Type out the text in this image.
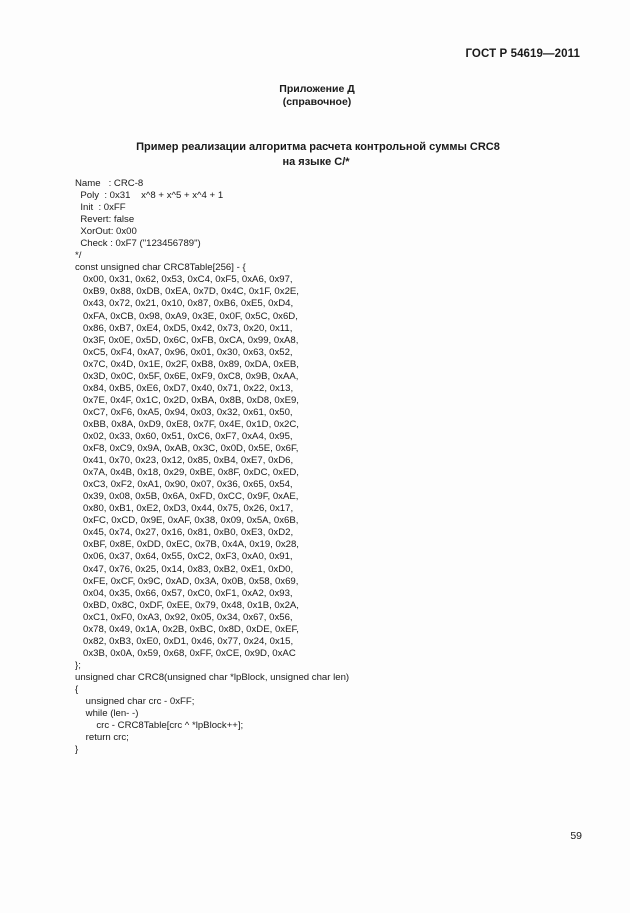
ГОСТ Р 54619—2011
Приложение Д
(справочное)
Пример реализации алгоритма расчета контрольной суммы CRC8
на языке С/*
Name   : CRC-8
Poly  : 0x31    x^8 + x^5 + x^4 + 1
Init  : 0xFF
Revert: false
XorOut: 0x00
Check : 0xF7 ("123456789")
*/
const unsigned char CRC8Table[256] - {
0x00, 0x31, 0x62, 0x53, 0xC4, 0xF5, 0xA6, 0x97,
0xB9, 0x88, 0xDB, 0xEA, 0x7D, 0x4C, 0x1F, 0x2E,
0x43, 0x72, 0x21, 0x10, 0x87, 0xB6, 0xE5, 0xD4,
0xFA, 0xCB, 0x98, 0xA9, 0x3E, 0x0F, 0x5C, 0x6D,
0x86, 0xB7, 0xE4, 0xD5, 0x42, 0x73, 0x20, 0x11,
0x3F, 0x0E, 0x5D, 0x6C, 0xFB, 0xCA, 0x99, 0xA8,
0xC5, 0xF4, 0xA7, 0x96, 0x01, 0x30, 0x63, 0x52,
0x7C, 0x4D, 0x1E, 0x2F, 0xB8, 0x89, 0xDA, 0xEB,
0x3D, 0x0C, 0x5F, 0x6E, 0xF9, 0xC8, 0x9B, 0xAA,
0x84, 0xB5, 0xE6, 0xD7, 0x40, 0x71, 0x22, 0x13,
0x7E, 0x4F, 0x1C, 0x2D, 0xBA, 0x8B, 0xD8, 0xE9,
0xC7, 0xF6, 0xA5, 0x94, 0x03, 0x32, 0x61, 0x50,
0xBB, 0x8A, 0xD9, 0xE8, 0x7F, 0x4E, 0x1D, 0x2C,
0x02, 0x33, 0x60, 0x51, 0xC6, 0xF7, 0xA4, 0x95,
0xF8, 0xC9, 0x9A, 0xAB, 0x3C, 0x0D, 0x5E, 0x6F,
0x41, 0x70, 0x23, 0x12, 0x85, 0xB4, 0xE7, 0xD6,
0x7A, 0x4B, 0x18, 0x29, 0xBE, 0x8F, 0xDC, 0xED,
0xC3, 0xF2, 0xA1, 0x90, 0x07, 0x36, 0x65, 0x54,
0x39, 0x08, 0x5B, 0x6A, 0xFD, 0xCC, 0x9F, 0xAE,
0x80, 0xB1, 0xE2, 0xD3, 0x44, 0x75, 0x26, 0x17,
0xFC, 0xCD, 0x9E, 0xAF, 0x38, 0x09, 0x5A, 0x6B,
0x45, 0x74, 0x27, 0x16, 0x81, 0xB0, 0xE3, 0xD2,
0xBF, 0x8E, 0xDD, 0xEC, 0x7B, 0x4A, 0x19, 0x28,
0x06, 0x37, 0x64, 0x55, 0xC2, 0xF3, 0xA0, 0x91,
0x47, 0x76, 0x25, 0x14, 0x83, 0xB2, 0xE1, 0xD0,
0xFE, 0xCF, 0x9C, 0xAD, 0x3A, 0x0B, 0x58, 0x69,
0x04, 0x35, 0x66, 0x57, 0xC0, 0xF1, 0xA2, 0x93,
0xBD, 0x8C, 0xDF, 0xEE, 0x79, 0x48, 0x1B, 0x2A,
0xC1, 0xF0, 0xA3, 0x92, 0x05, 0x34, 0x67, 0x56,
0x78, 0x49, 0x1A, 0x2B, 0xBC, 0x8D, 0xDE, 0xEF,
0x82, 0xB3, 0xE0, 0xD1, 0x46, 0x77, 0x24, 0x15,
0x3B, 0x0A, 0x59, 0x68, 0xFF, 0xCE, 0x9D, 0xAC
};
unsigned char CRC8(unsigned char *lpBlock, unsigned char len)
{
unsigned char crc - 0xFF;
while (len- -)
crc - CRC8Table[crc ^ *lpBlock++];
return crc;
}
59
